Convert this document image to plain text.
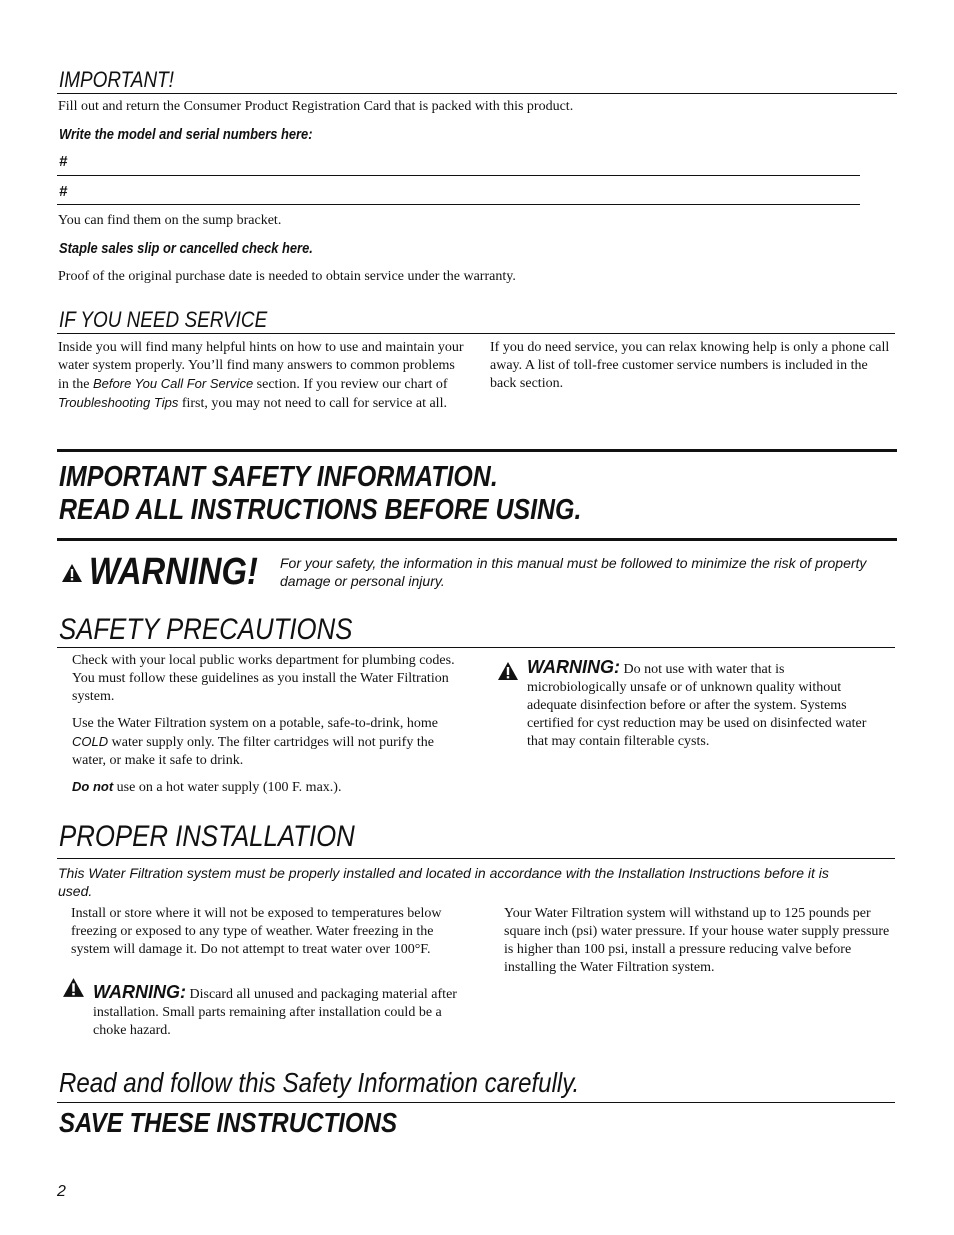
IMPORTANT!
Fill out and return the Consumer Product Registration Card that is packed with this product.
Write the model and serial numbers here:
#
#
You can find them on the sump bracket.
Staple sales slip or cancelled check here.
Proof of the original purchase date is needed to obtain service under the warranty.
IF YOU NEED SERVICE
Inside you will find many helpful hints on how to use and maintain your water system properly. You’ll find many answers to common problems in the Before You Call For Service section. If you review our chart of Troubleshooting Tips first, you may not need to call for service at all.
If you do need service, you can relax knowing help is only a phone call away. A list of toll-free customer service numbers is included in the back section.
IMPORTANT SAFETY INFORMATION.
READ ALL INSTRUCTIONS BEFORE USING.
WARNING! For your safety, the information in this manual must be followed to minimize the risk of property damage or personal injury.
SAFETY PRECAUTIONS
Check with your local public works department for plumbing codes. You must follow these guidelines as you install the Water Filtration system.
Use the Water Filtration system on a potable, safe-to-drink, home COLD water supply only. The filter cartridges will not purify the water, or make it safe to drink.
Do not use on a hot water supply (100 F. max.).
WARNING: Do not use with water that is microbiologically unsafe or of unknown quality without adequate disinfection before or after the system. Systems certified for cyst reduction may be used on disinfected water that may contain filterable cysts.
PROPER INSTALLATION
This Water Filtration system must be properly installed and located in accordance with the Installation Instructions before it is used.
Install or store where it will not be exposed to temperatures below freezing or exposed to any type of weather. Water freezing in the system will damage it. Do not attempt to treat water over 100°F.
WARNING: Discard all unused and packaging material after installation. Small parts remaining after installation could be a choke hazard.
Your Water Filtration system will withstand up to 125 pounds per square inch (psi) water pressure. If your house water supply pressure is higher than 100 psi, install a pressure reducing valve before installing the Water Filtration system.
Read and follow this Safety Information carefully.
SAVE THESE INSTRUCTIONS
2
